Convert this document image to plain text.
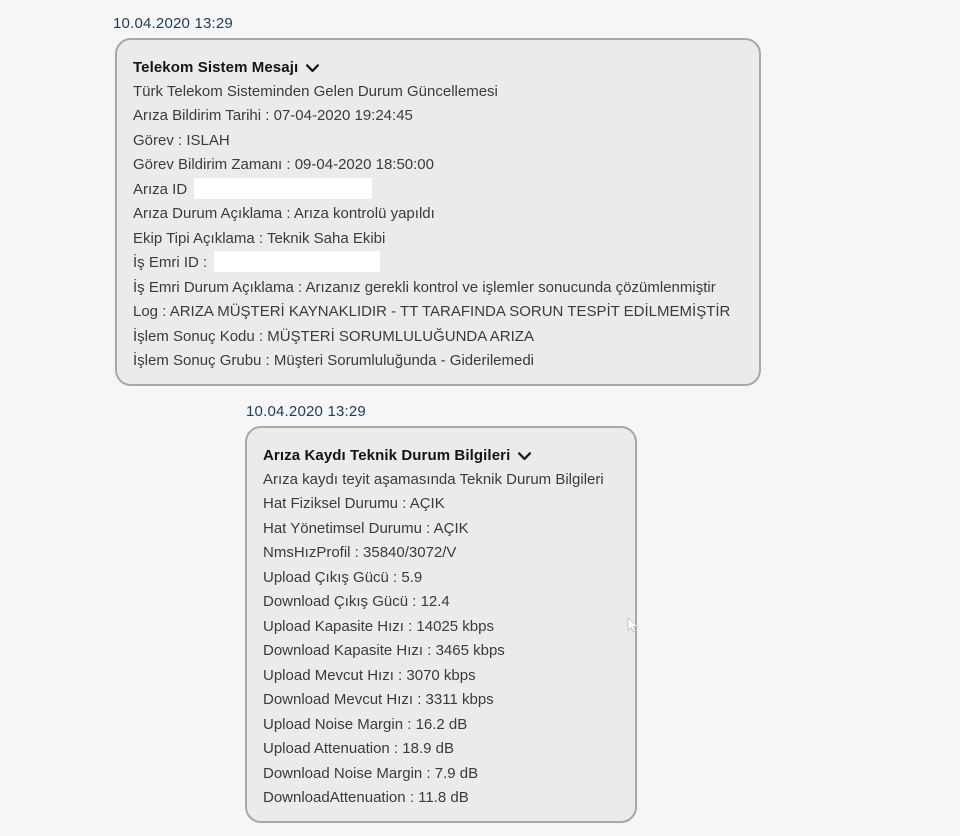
10.04.2020 13:29
Telekom Sistem Mesajı
Türk Telekom Sisteminden Gelen Durum Güncellemesi
Arıza Bildirim Tarihi : 07-04-2020 19:24:45
Görev : ISLAH
Görev Bildirim Zamanı : 09-04-2020 18:50:00
Arıza ID
Arıza Durum Açıklama : Arıza kontrolü yapıldı
Ekip Tipi Açıklama : Teknik Saha Ekibi
İş Emri ID :
İş Emri Durum Açıklama : Arızanız gerekli kontrol ve işlemler sonucunda çözümlenmiştir
Log : ARIZA MÜŞTERİ KAYNAKLIDIR - TT TARAFINDA SORUN TESPİT EDİLMEMİŞTİR
İşlem Sonuç Kodu : MÜŞTERİ SORUMLULUĞUNDA ARIZA
İşlem Sonuç Grubu : Müşteri Sorumluluğunda - Giderilemedi
10.04.2020 13:29
Arıza Kaydı Teknik Durum Bilgileri
Arıza kaydı teyit aşamasında Teknik Durum Bilgileri
Hat Fiziksel Durumu : AÇIK
Hat Yönetimsel Durumu : AÇIK
NmsHızProfil : 35840/3072/V
Upload Çıkış Gücü : 5.9
Download Çıkış Gücü : 12.4
Upload Kapasite Hızı : 14025 kbps
Download Kapasite Hızı : 3465 kbps
Upload Mevcut Hızı : 3070 kbps
Download Mevcut Hızı : 3311 kbps
Upload Noise Margin : 16.2 dB
Upload Attenuation : 18.9 dB
Download Noise Margin : 7.9 dB
DownloadAttenuation : 11.8 dB
